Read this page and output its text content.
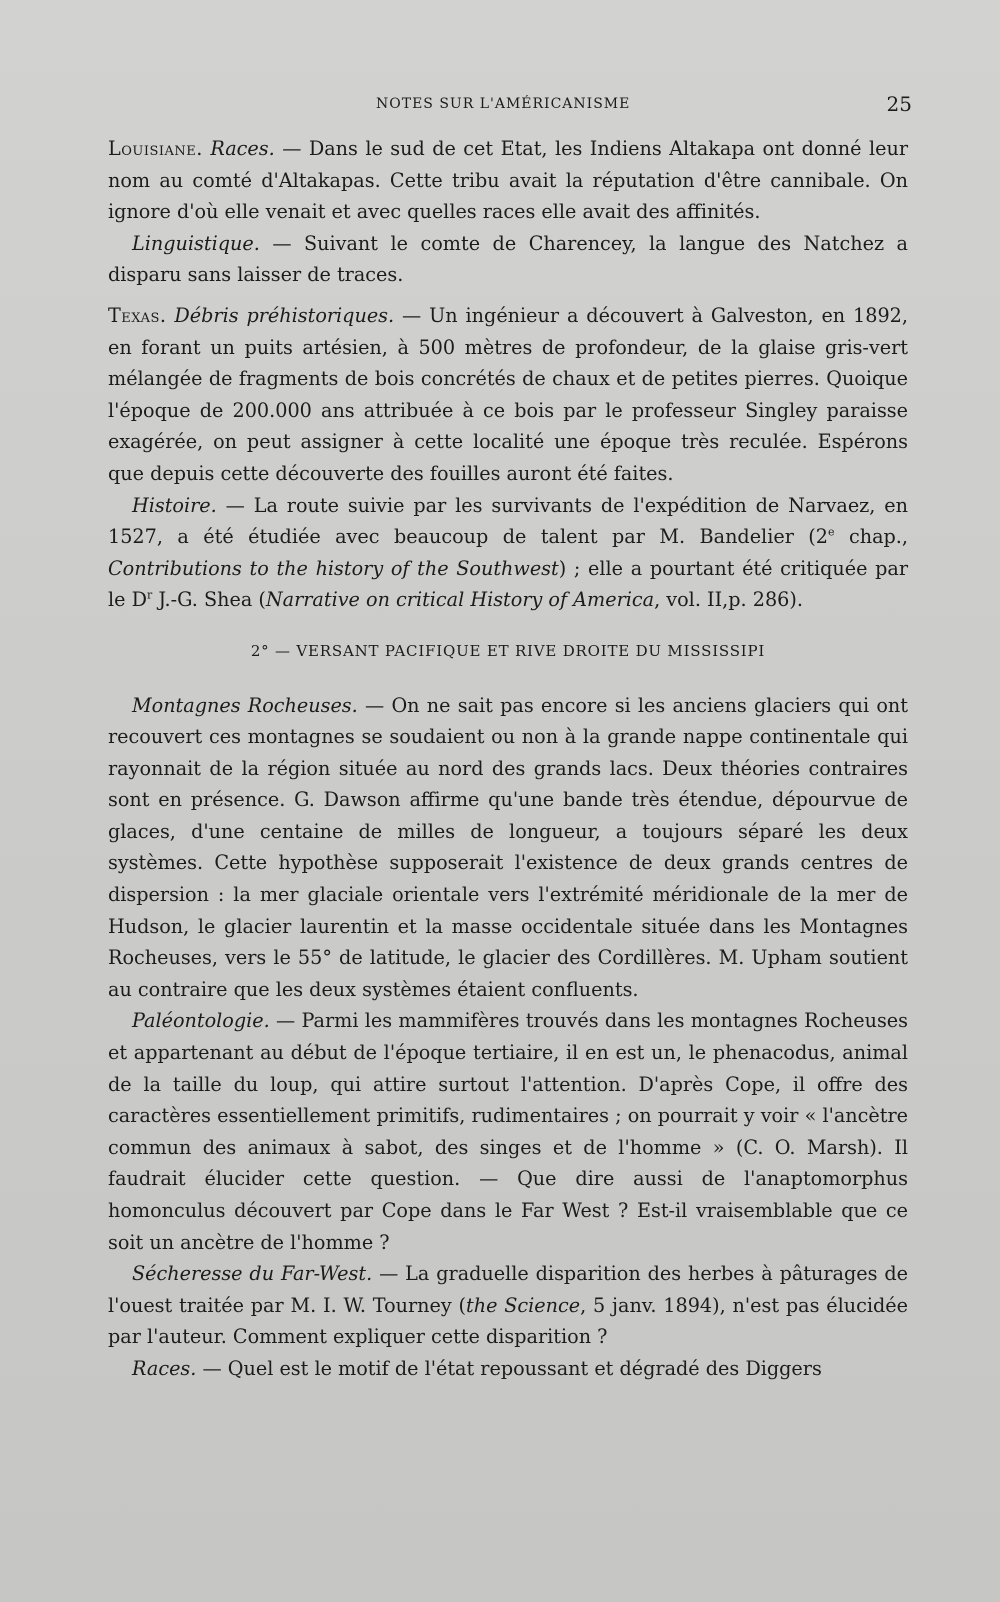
NOTES SUR L'AMÉRICANISME	25

Louisiane. Races. — Dans le sud de cet Etat, les Indiens Altakapa ont donné leur nom au comté d'Altakapas. Cette tribu avait la réputation d'être cannibale. On ignore d'où elle venait et avec quelles races elle avait des affinités.

Linguistique. — Suivant le comte de Charencey, la langue des Natchez a disparu sans laisser de traces.

Texas. Débris préhistoriques. — Un ingénieur a découvert à Galveston, en 1892, en forant un puits artésien, à 500 mètres de profondeur, de la glaise gris-vert mélangée de fragments de bois concrétés de chaux et de petites pierres. Quoique l'époque de 200.000 ans attribuée à ce bois par le professeur Singley paraisse exagérée, on peut assigner à cette localité une époque très reculée. Espérons que depuis cette découverte des fouilles auront été faites.

Histoire. — La route suivie par les survivants de l'expédition de Narvaez, en 1527, a été étudiée avec beaucoup de talent par M. Bandelier (2e chap., Contributions to the history of the Southwest) ; elle a pourtant été critiquée par le $D^r$ J.-G. Shea (Narrative on critical History of America, vol. II,p. 286).

2° — VERSANT PACIFIQUE ET RIVE DROITE DU MISSISSIPI

Montagnes Rocheuses. — On ne sait pas encore si les anciens glaciers qui ont recouvert ces montagnes se soudaient ou non à la grande nappe continentale qui rayonnait de la région située au nord des grands lacs. Deux théories contraires sont en présence. G. Dawson affirme qu'une bande très étendue, dépourvue de glaces, d'une centaine de milles de longueur, a toujours séparé les deux systèmes. Cette hypothèse supposerait l'existence de deux grands centres de dispersion : la mer glaciale orientale vers l'extrémité méridionale de la mer de Hudson, le glacier laurentin et la masse occidentale située dans les Montagnes Rocheuses, vers le 55° de latitude, le glacier des Cordillères. M. Upham soutient au contraire que les deux systèmes étaient confluents.

Paléontologie. — Parmi les mammifères trouvés dans les montagnes Rocheuses et appartenant au début de l'époque tertiaire, il en est un, le phenacodus, animal de la taille du loup, qui attire surtout l'attention. D'après Cope, il offre des caractères essentiellement primitifs, rudimentaires ; on pourrait y voir « l'ancètre commun des animaux à sabot, des singes et de l'homme » (C. O. Marsh). Il faudrait élucider cette question. — Que dire aussi de l'anaptomorphus homonculus découvert par Cope dans le Far West ? Est-il vraisemblable que ce soit un ancètre de l'homme ?

Sécheresse du Far-West. — La graduelle disparition des herbes à pâturages de l'ouest traitée par M. I. W. Tourney (the Science, 5 janv. 1894), n'est pas élucidée par l'auteur. Comment expliquer cette disparition ?

Races. — Quel est le motif de l'état repoussant et dégradé des Diggers
